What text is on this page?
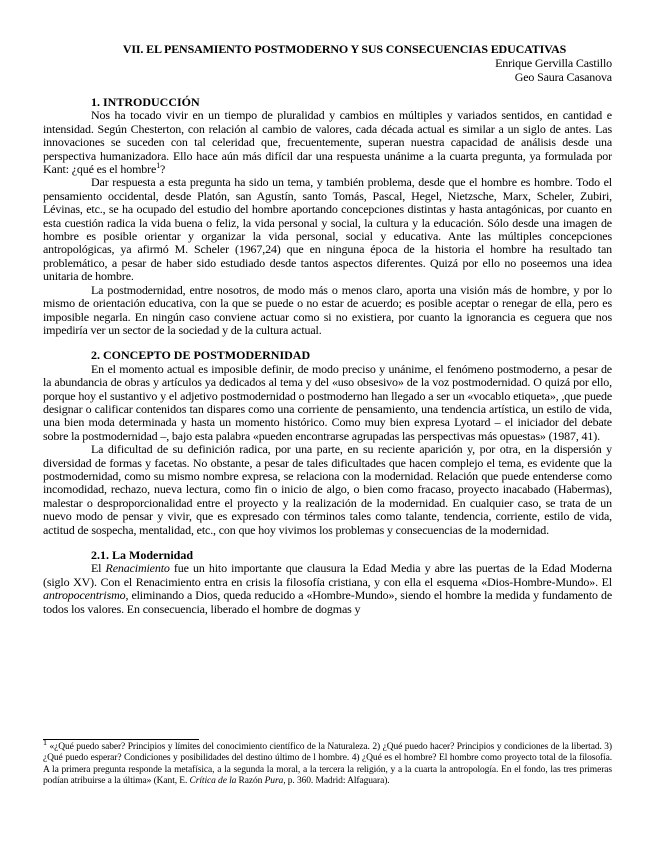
VII. EL PENSAMIENTO POSTMODERNO Y SUS CONSECUENCIAS EDUCATIVAS

Enrique Gervilla Castillo

Geo Saura Casanova

1. INTRODUCCIÓN

Nos ha tocado vivir en un tiempo de pluralidad y cambios en múltiples y variados sentidos, en cantidad e intensidad. Según Chesterton, con relación al cambio de valores, cada década actual es similar a un siglo de antes. Las innovaciones se suceden con tal celeridad que, frecuentemente, superan nuestra capacidad de análisis desde una perspectiva humanizadora. Ello hace aún más difícil dar una respuesta unánime a la cuarta pregunta, ya formulada por Kant: ¿qué es el hombre$^1$?

Dar respuesta a esta pregunta ha sido un tema, y también problema, desde que el hombre es hombre. Todo el pensamiento occidental, desde Platón, san Agustín, santo Tomás, Pascal, Hegel, Nietzsche, Marx, Scheler, Zubiri, Lévinas, etc., se ha ocupado del estudio del hombre aportando concepciones distintas y hasta antagónicas, por cuanto en esta cuestión radica la vida buena o feliz, la vida personal y social, la cultura y la educación. Sólo desde una imagen de hombre es posible orientar y organizar la vida personal, social y educativa. Ante las múltiples concepciones antropológicas, ya afirmó M. Scheler (1967,24) que en ninguna época de la historia el hombre ha resultado tan problemático, a pesar de haber sido estudiado desde tantos aspectos diferentes. Quizá por ello no poseemos una idea unitaria de hombre.

La postmodernidad, entre nosotros, de modo más o menos claro, aporta una visión más de hombre, y por lo mismo de orientación educativa, con la que se puede o no estar de acuerdo; es posible aceptar o renegar de ella, pero es imposible negarla. En ningún caso conviene actuar como si no existiera, por cuanto la ignorancia es ceguera que nos impediría ver un sector de la sociedad y de la cultura actual.

2. CONCEPTO DE POSTMODERNIDAD

En el momento actual es imposible definir, de modo preciso y unánime, el fenómeno postmoderno, a pesar de la abundancia de obras y artículos ya dedicados al tema y del «uso obsesivo» de la voz postmodernidad. O quizá por ello, porque hoy el sustantivo y el adjetivo postmodernidad o postmoderno han llegado a ser un «vocablo etiqueta», ,que puede designar o calificar contenidos tan dispares como una corriente de pensamiento, una tendencia artística, un estilo de vida, una bien moda determinada y hasta un momento histórico. Como muy bien expresa Lyotard – el iniciador del debate sobre la postmodernidad –, bajo esta palabra «pueden encontrarse agrupadas las perspectivas más opuestas» (1987, 41).

La dificultad de su definición radica, por una parte, en su reciente aparición y, por otra, en la dispersión y diversidad de formas y facetas. No obstante, a pesar de tales dificultades que hacen complejo el tema, es evidente que la postmodernidad, como su mismo nombre expresa, se relaciona con la modernidad. Relación que puede entenderse como incomodidad, rechazo, nueva lectura, como fin o inicio de algo, o bien como fracaso, proyecto inacabado (Habermas), malestar o desproporcionalidad entre el proyecto y la realización de la modernidad. En cualquier caso, se trata de un nuevo modo de pensar y vivir, que es expresado con términos tales como talante, tendencia, corriente, estilo de vida, actitud de sospecha, mentalidad, etc., con que hoy vivimos los problemas y consecuencias de la modernidad.

2.1. La Modernidad

El Renacimiento fue un hito importante que clausura la Edad Media y abre las puertas de la Edad Moderna (siglo XV). Con el Renacimiento entra en crisis la filosofía cristiana, y con ella el esquema «Dios-Hombre-Mundo». El antropocentrismo, eliminando a Dios, queda reducido a «Hombre-Mundo», siendo el hombre la medida y fundamento de todos los valores. En consecuencia, liberado el hombre de dogmas y

$^1$ «¿Qué puedo saber? Principios y límites del conocimiento científico de la Naturaleza. 2) ¿Qué puedo hacer? Principios y condiciones de la libertad. 3) ¿Qué puedo esperar? Condiciones y posibilidades del destino último de l hombre. 4) ¿Qué es el hombre? El hombre como proyecto total de la filosofía. A la primera pregunta responde la metafísica, a la segunda la moral, a la tercera la religión, y a la cuarta la antropología. En el fondo, las tres primeras podían atribuirse a la última» (Kant, E. Crítica de la Razón Pura, p. 360. Madrid: Alfaguara).
